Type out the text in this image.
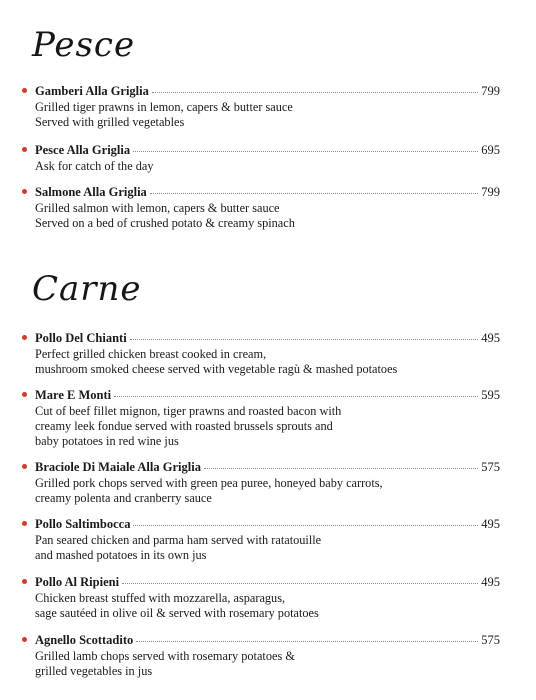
Pesce
Carne
Gamberi Alla Griglia	799
Grilled tiger prawns in lemon, capers & butter sauce
Served with grilled vegetables
Pesce Alla Griglia	695
Ask for catch of the day
Salmone Alla Griglia	799
Grilled salmon with lemon, capers & butter sauce
Served on a bed of crushed potato & creamy spinach
Pollo Del Chianti	495
Perfect grilled chicken breast cooked in cream,
mushroom smoked cheese served with vegetable ragù & mashed potatoes
Mare E Monti	595
Cut of beef fillet mignon, tiger prawns and roasted bacon with
creamy leek fondue served with roasted brussels sprouts and
baby potatoes in red wine jus
Braciole Di Maiale Alla Griglia	575
Grilled pork chops served with green pea puree, honeyed baby carrots,
creamy polenta and cranberry sauce
Pollo Saltimbocca	495
Pan seared chicken and parma ham served with ratatouille
and mashed potatoes in its own jus
Pollo Al Ripieni	495
Chicken breast stuffed with mozzarella, asparagus,
sage sautéed in olive oil & served with rosemary potatoes
Agnello Scottadito	575
Grilled lamb chops served with rosemary potatoes &
grilled vegetables in jus
